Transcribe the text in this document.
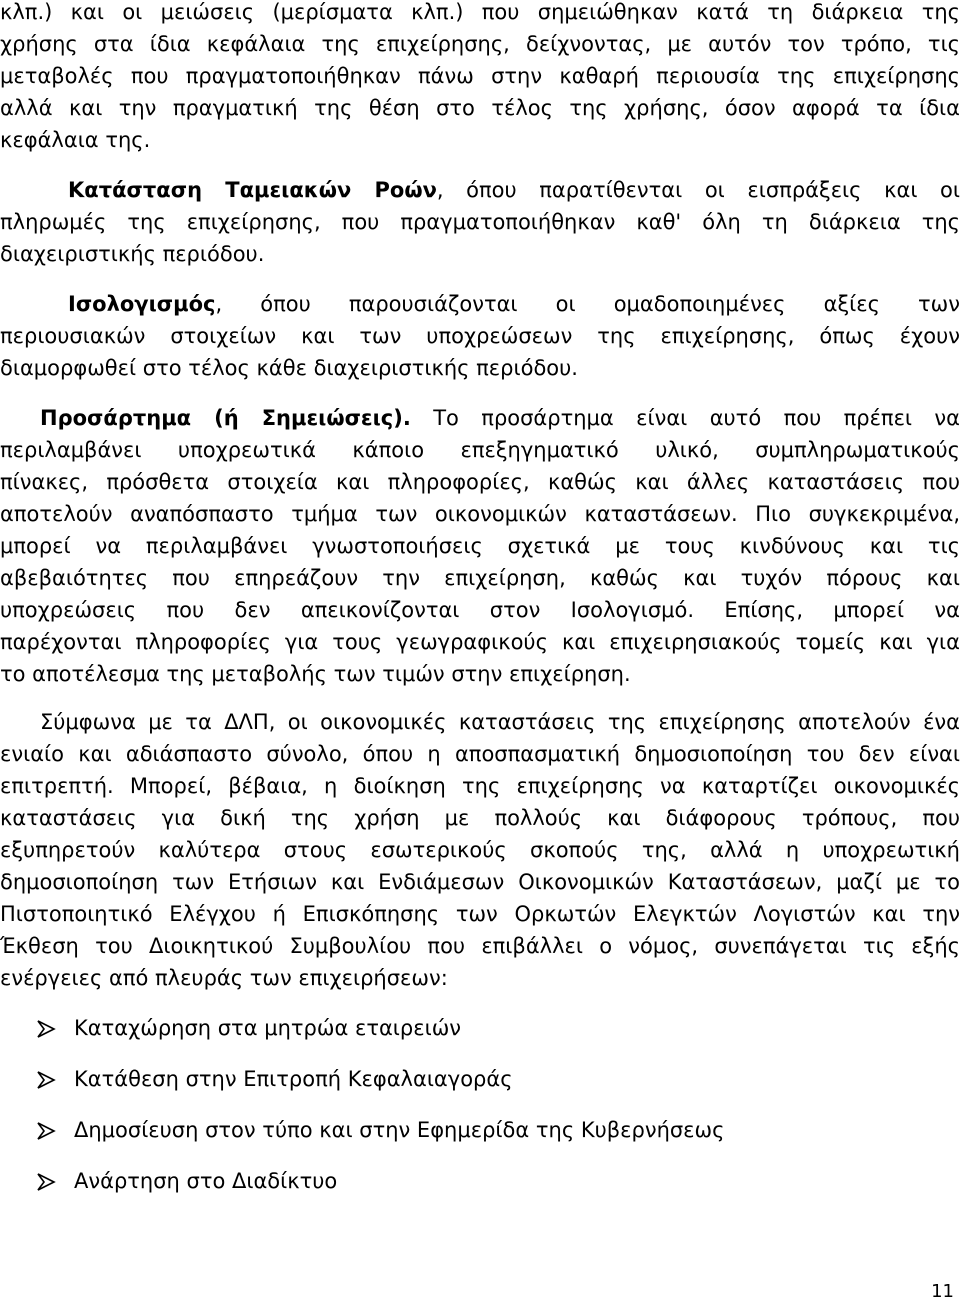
κλπ.) και οι μειώσεις (μερίσματα κλπ.) που σημειώθηκαν κατά τη διάρκεια της
χρήσης στα ίδια κεφάλαια της επιχείρησης, δείχνοντας, με αυτόν τον τρόπο, τις
μεταβολές που πραγματοποιήθηκαν πάνω στην καθαρή περιουσία της επιχείρησης
αλλά και την πραγματική της θέση στο τέλος της χρήσης, όσον αφορά τα ίδια
κεφάλαια της.
Κατάσταση Ταμειακών Ροών, όπου παρατίθενται οι εισπράξεις και οι
πληρωμές της επιχείρησης, που πραγματοποιήθηκαν καθ' όλη τη διάρκεια της
διαχειριστικής περιόδου.
Ισολογισμός, όπου παρουσιάζονται οι ομαδοποιημένες αξίες των
περιουσιακών στοιχείων και των υποχρεώσεων της επιχείρησης, όπως έχουν
διαμορφωθεί στο τέλος κάθε διαχειριστικής περιόδου.
Προσάρτημα (ή Σημειώσεις). Το προσάρτημα είναι αυτό που πρέπει να
περιλαμβάνει υποχρεωτικά κάποιο επεξηγηματικό υλικό, συμπληρωματικούς
πίνακες, πρόσθετα στοιχεία και πληροφορίες, καθώς και άλλες καταστάσεις που
αποτελούν αναπόσπαστο τμήμα των οικονομικών καταστάσεων. Πιο συγκεκριμένα,
μπορεί να περιλαμβάνει γνωστοποιήσεις σχετικά με τους κινδύνους και τις
αβεβαιότητες που επηρεάζουν την επιχείρηση, καθώς και τυχόν πόρους και
υποχρεώσεις που δεν απεικονίζονται στον Ισολογισμό. Επίσης, μπορεί να
παρέχονται πληροφορίες για τους γεωγραφικούς και επιχειρησιακούς τομείς και για
το αποτέλεσμα της μεταβολής των τιμών στην επιχείρηση.
Σύμφωνα με τα ΔΛΠ, οι οικονομικές καταστάσεις της επιχείρησης αποτελούν ένα
ενιαίο και αδιάσπαστο σύνολο, όπου η αποσπασματική δημοσιοποίηση του δεν είναι
επιτρεπτή. Μπορεί, βέβαια, η διοίκηση της επιχείρησης να καταρτίζει οικονομικές
καταστάσεις για δική της χρήση με πολλούς και διάφορους τρόπους, που
εξυπηρετούν καλύτερα στους εσωτερικούς σκοπούς της, αλλά η υποχρεωτική
δημοσιοποίηση των Ετήσιων και Ενδιάμεσων Οικονομικών Καταστάσεων, μαζί με το
Πιστοποιητικό Ελέγχου ή Επισκόπησης των Ορκωτών Ελεγκτών Λογιστών και την
Έκθεση του Διοικητικού Συμβουλίου που επιβάλλει ο νόμος, συνεπάγεται τις εξής
ενέργειες από πλευράς των επιχειρήσεων:
Καταχώρηση στα μητρώα εταιρειών
Κατάθεση στην Επιτροπή Κεφαλαιαγοράς
Δημοσίευση στον τύπο και στην Εφημερίδα της Κυβερνήσεως
Ανάρτηση στο Διαδίκτυο
11
